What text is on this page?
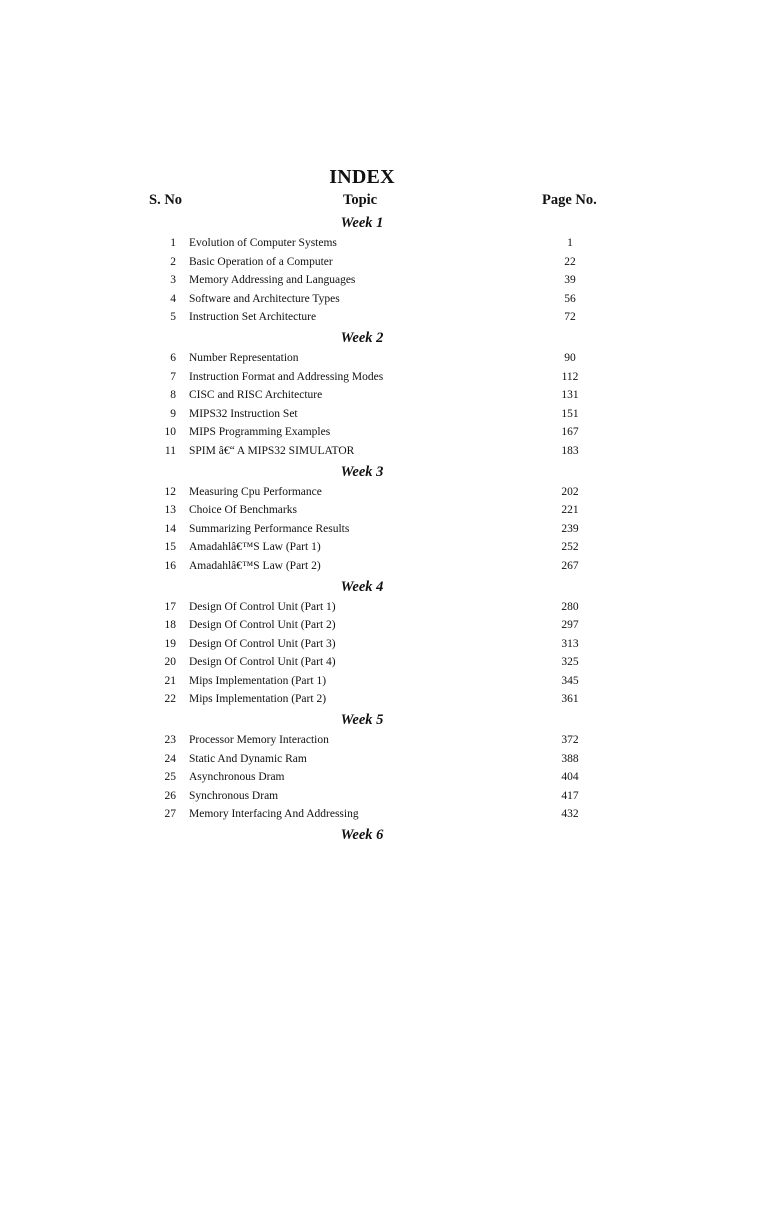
INDEX
S. No	Topic	Page No.
Week 1
1 Evolution of Computer Systems	1
2 Basic Operation of a Computer	22
3 Memory Addressing and Languages	39
4 Software and Architecture Types	56
5 Instruction Set Architecture	72
Week 2
6 Number Representation	90
7 Instruction Format and Addressing Modes	112
8 CISC and RISC Architecture	131
9 MIPS32 Instruction Set	151
10 MIPS Programming Examples	167
11 SPIM â€“ A MIPS32 SIMULATOR	183
Week 3
12 Measuring Cpu Performance	202
13 Choice Of Benchmarks	221
14 Summarizing Performance Results	239
15 Amadahlâ€™S Law (Part 1)	252
16 Amadahlâ€™S Law (Part 2)	267
Week 4
17 Design Of Control Unit (Part 1)	280
18 Design Of Control Unit (Part 2)	297
19 Design Of Control Unit (Part 3)	313
20 Design Of Control Unit (Part 4)	325
21 Mips Implementation (Part 1)	345
22 Mips Implementation (Part 2)	361
Week 5
23 Processor Memory Interaction	372
24 Static And Dynamic Ram	388
25 Asynchronous Dram	404
26 Synchronous Dram	417
27 Memory Interfacing And Addressing	432
Week 6
